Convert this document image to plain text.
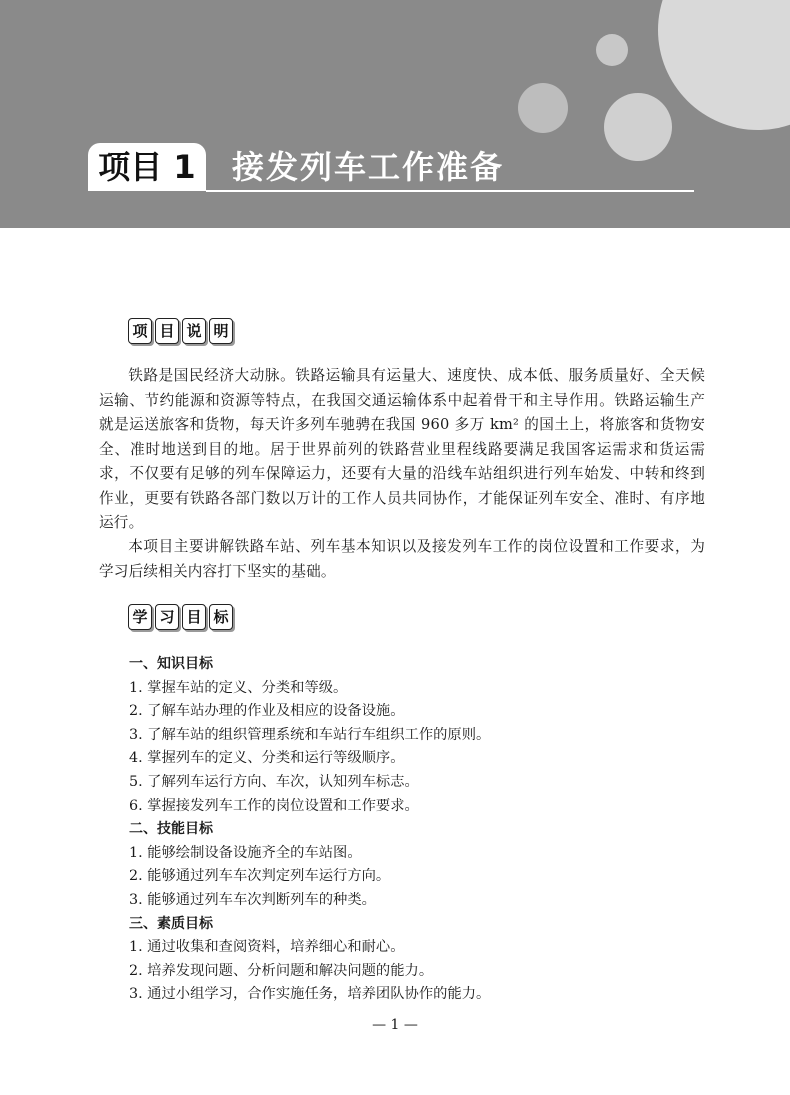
项目 1	接发列车工作准备
项 目 说 明

铁路是国民经济大动脉。铁路运输具有运量大、速度快、成本低、服务质量好、全天候运输、节约能源和资源等特点，在我国交通运输体系中起着骨干和主导作用。铁路运输生产就是运送旅客和货物，每天许多列车驰骋在我国 960 多万 km² 的国土上，将旅客和货物安全、准时地送到目的地。居于世界前列的铁路营业里程线路要满足我国客运需求和货运需求，不仅要有足够的列车保障运力，还要有大量的沿线车站组织进行列车始发、中转和终到作业，更要有铁路各部门数以万计的工作人员共同协作，才能保证列车安全、准时、有序地运行。

本项目主要讲解铁路车站、列车基本知识以及接发列车工作的岗位设置和工作要求，为学习后续相关内容打下坚实的基础。

学 习 目 标
一、知识目标
1. 掌握车站的定义、分类和等级。
2. 了解车站办理的作业及相应的设备设施。
3. 了解车站的组织管理系统和车站行车组织工作的原则。
4. 掌握列车的定义、分类和运行等级顺序。
5. 了解列车运行方向、车次，认知列车标志。
6. 掌握接发列车工作的岗位设置和工作要求。
二、技能目标
1. 能够绘制设备设施齐全的车站图。
2. 能够通过列车车次判定列车运行方向。
3. 能够通过列车车次判断列车的种类。
三、素质目标
1. 通过收集和查阅资料，培养细心和耐心。
2. 培养发现问题、分析问题和解决问题的能力。
3. 通过小组学习，合作实施任务，培养团队协作的能力。
— 1 —
